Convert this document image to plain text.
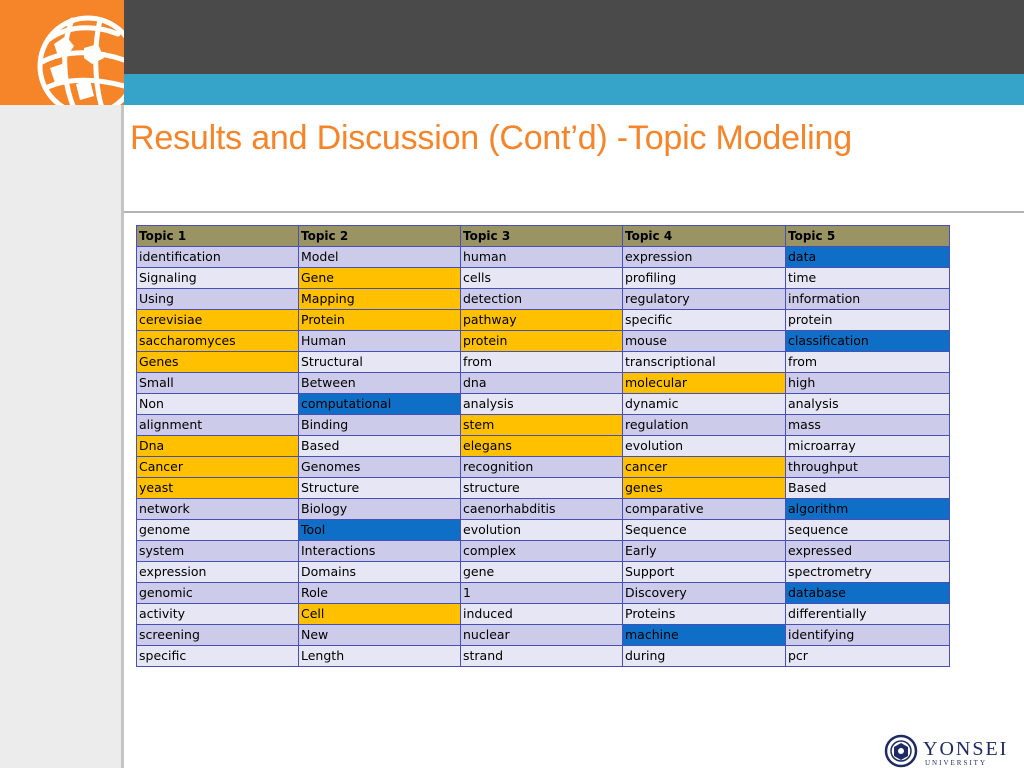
Results and Discussion (Cont’d) -Topic Modeling
Topic 1	Topic 2	Topic 3	Topic 4	Topic 5
identification	Model	human	expression	data
Signaling	Gene	cells	profiling	time
Using	Mapping	detection	regulatory	information
cerevisiae	Protein	pathway	specific	protein
saccharomyces	Human	protein	mouse	classification
Genes	Structural	from	transcriptional	from
Small	Between	dna	molecular	high
Non	computational	analysis	dynamic	analysis
alignment	Binding	stem	regulation	mass
Dna	Based	elegans	evolution	microarray
Cancer	Genomes	recognition	cancer	throughput
yeast	Structure	structure	genes	Based
network	Biology	caenorhabditis	comparative	algorithm
genome	Tool	evolution	Sequence	sequence
system	Interactions	complex	Early	expressed
expression	Domains	gene	Support	spectrometry
genomic	Role	1	Discovery	database
activity	Cell	induced	Proteins	differentially
screening	New	nuclear	machine	identifying
specific	Length	strand	during	pcr
YONSEI
UNIVERSITY
